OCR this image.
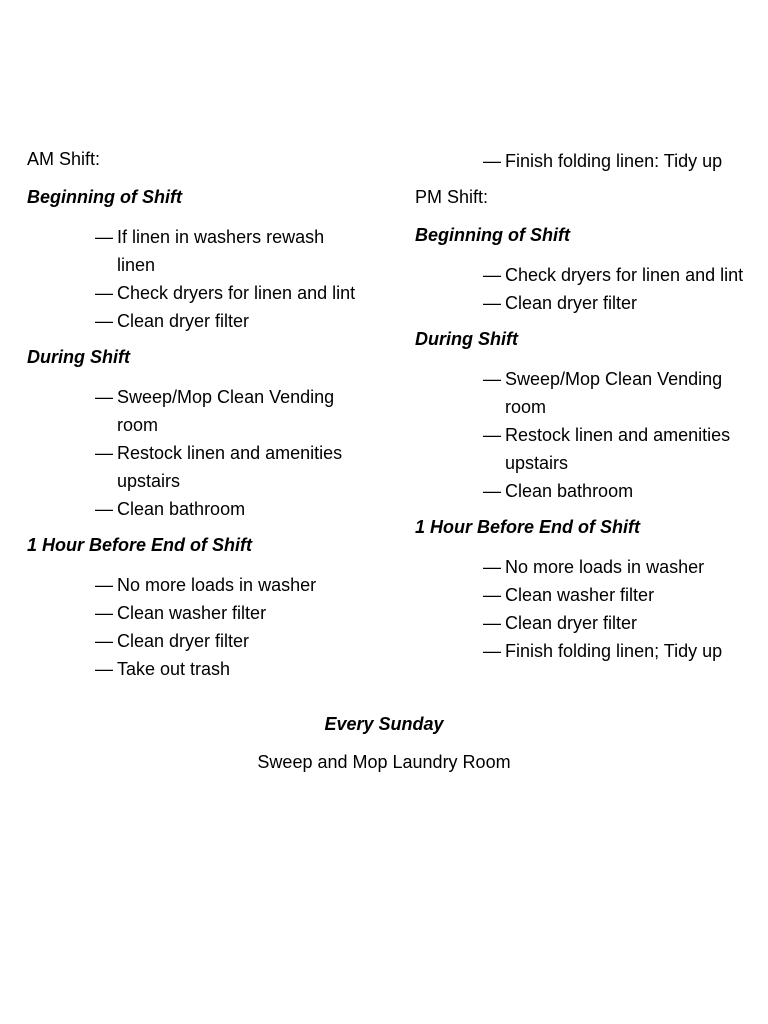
AM Shift:

Beginning of Shift

— If linen in washers rewash linen
— Check dryers for linen and lint
— Clean dryer filter

During Shift

— Sweep/Mop Clean Vending room
— Restock linen and amenities upstairs
— Clean bathroom

1 Hour Before End of Shift

— No more loads in washer
— Clean washer filter
— Clean dryer filter
— Take out trash
— Finish folding linen: Tidy up

PM Shift:

Beginning of Shift

— Check dryers for linen and lint
— Clean dryer filter

During Shift

— Sweep/Mop Clean Vending room
— Restock linen and amenities upstairs
— Clean bathroom

1 Hour Before End of Shift

— No more loads in washer
— Clean washer filter
— Clean dryer filter
— Finish folding linen; Tidy up
Every Sunday
Sweep and Mop Laundry Room
